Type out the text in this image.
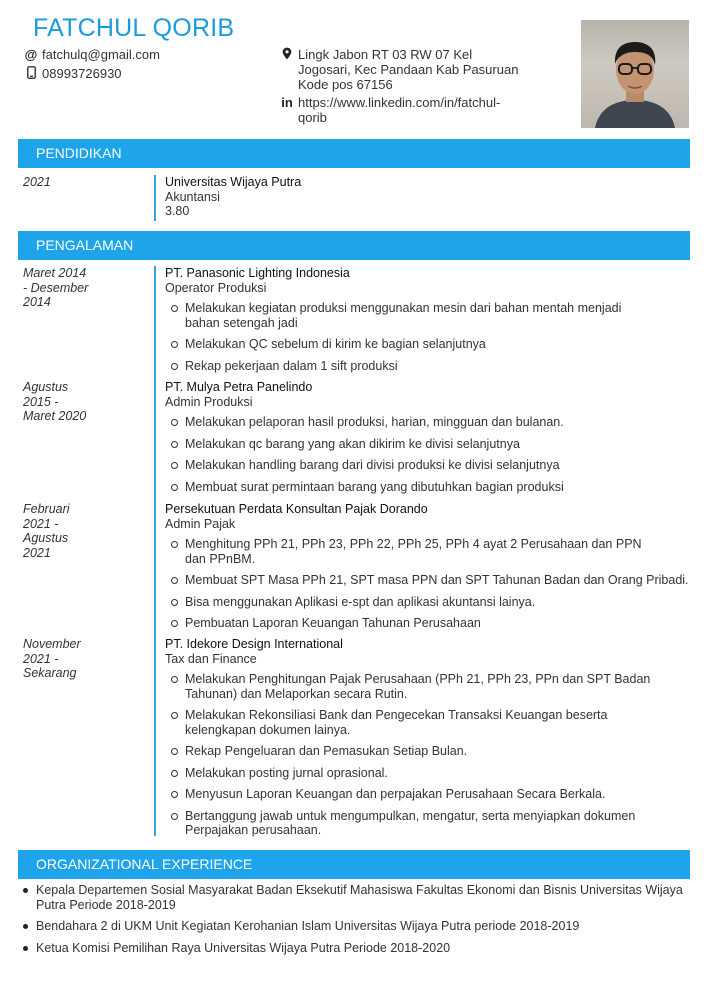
FATCHUL QORIB
@ fatchulq@gmail.com
08993726930
Lingk Jabon RT 03 RW 07 Kel Jogosari, Kec Pandaan Kab Pasuruan Kode pos 67156
in https://www.linkedin.com/in/fatchul-qorib
PENDIDIKAN
2021	Universitas Wijaya Putra
Akuntansi
3.80
PENGALAMAN
Maret 2014 - Desember 2014
PT. Panasonic Lighting Indonesia
Operator Produksi
Melakukan kegiatan produksi menggunakan mesin dari bahan mentah menjadi bahan setengah jadi
Melakukan QC sebelum di kirim ke bagian selanjutnya
Rekap pekerjaan dalam 1 sift produksi
Agustus 2015 - Maret 2020
PT. Mulya Petra Panelindo
Admin Produksi
Melakukan pelaporan hasil produksi, harian, mingguan dan bulanan.
Melakukan qc barang yang akan dikirim ke divisi selanjutnya
Melakukan handling barang dari divisi produksi ke divisi selanjutnya
Membuat surat permintaan barang yang dibutuhkan bagian produksi
Februari 2021 - Agustus 2021
Persekutuan Perdata Konsultan Pajak Dorando
Admin Pajak
Menghitung PPh 21, PPh 23, PPh 22, PPh 25, PPh 4 ayat 2 Perusahaan dan PPN dan PPnBM.
Membuat SPT Masa PPh 21, SPT masa PPN dan SPT Tahunan Badan dan Orang Pribadi.
Bisa menggunakan Aplikasi e-spt dan aplikasi akuntansi lainya.
Pembuatan Laporan Keuangan Tahunan Perusahaan
November 2021 - Sekarang
PT. Idekore Design International
Tax dan Finance
Melakukan Penghitungan Pajak Perusahaan (PPh 21, PPh 23, PPn dan SPT Badan Tahunan) dan Melaporkan secara Rutin.
Melakukan Rekonsiliasi Bank dan Pengecekan Transaksi Keuangan beserta kelengkapan dokumen lainya.
Rekap Pengeluaran dan Pemasukan Setiap Bulan.
Melakukan posting jurnal oprasional.
Menyusun Laporan Keuangan dan perpajakan Perusahaan Secara Berkala.
Bertanggung jawab untuk mengumpulkan, mengatur, serta menyiapkan dokumen Perpajakan perusahaan.
ORGANIZATIONAL EXPERIENCE
Kepala Departemen Sosial Masyarakat Badan Eksekutif Mahasiswa Fakultas Ekonomi dan Bisnis Universitas Wijaya Putra Periode 2018-2019
Bendahara 2 di UKM Unit Kegiatan Kerohanian Islam Universitas Wijaya Putra periode 2018-2019
Ketua Komisi Pemilihan Raya Universitas Wijaya Putra Periode 2018-2020
